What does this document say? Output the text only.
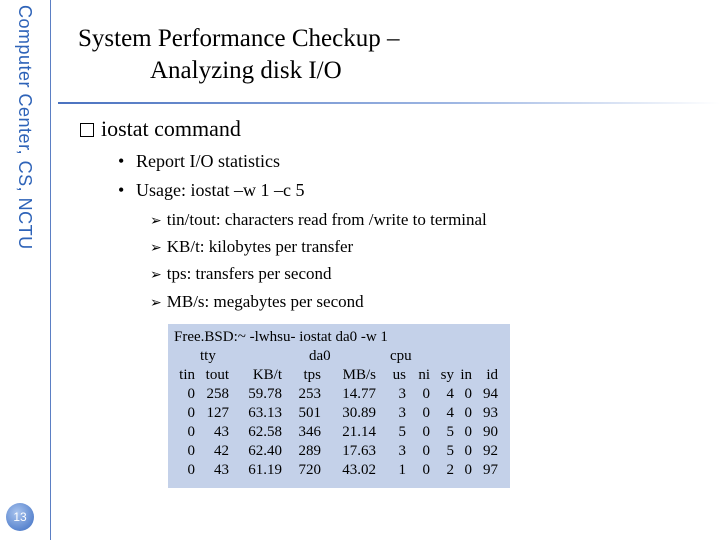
Computer Center, CS, NCTU
13
System Performance Checkup –
Analyzing disk I/O
iostat command
• Report I/O statistics
• Usage: iostat –w 1 –c 5
➢ tin/tout: characters read from /write to terminal
➢ KB/t: kilobytes per transfer
➢ tps: transfers per second
➢ MB/s: megabytes per second
Free.BSD:~ -lwhsu- iostat da0 -w 1
tty	da0	cpu
tin tout	KB/t	tps	MB/s	us ni sy in id
0 258	59.78	253	14.77	3	0	4 0 94
0 127	63.13	501	30.89	3	0	4 0 93
0	43	62.58	346	21.14	5	0	5 0 90
0	42	62.40	289	17.63	3	0	5 0 92
0	43	61.19	720	43.02	1	0	2 0 97
